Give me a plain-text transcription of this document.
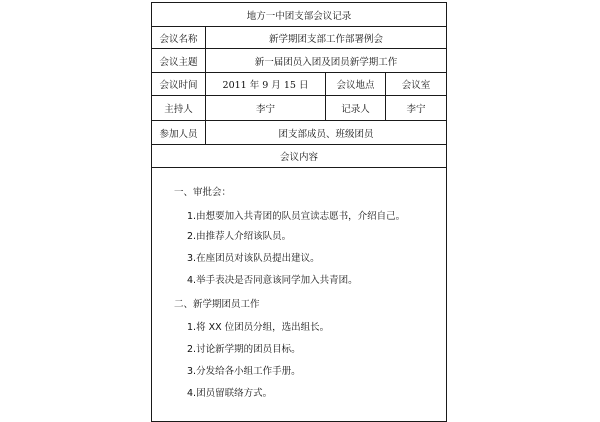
地方一中团支部会议记录
会议名称	新学期团支部工作部署例会
会议主题	新一届团员入团及团员新学期工作
会议时间	2011 年 9 月 15 日	会议地点	会议室
主持人	李宁	记录人	李宁
参加人员	团支部成员、班级团员
会议内容
一、审批会：
1.由想要加入共青团的队员宣读志愿书，介绍自己。
2.由推荐人介绍该队员。
3.在座团员对该队员提出建议。
4.举手表决是否同意该同学加入共青团。
二、新学期团员工作
1.将 XX 位团员分组，选出组长。
2.讨论新学期的团员目标。
3.分发给各小组工作手册。
4.团员留联络方式。
